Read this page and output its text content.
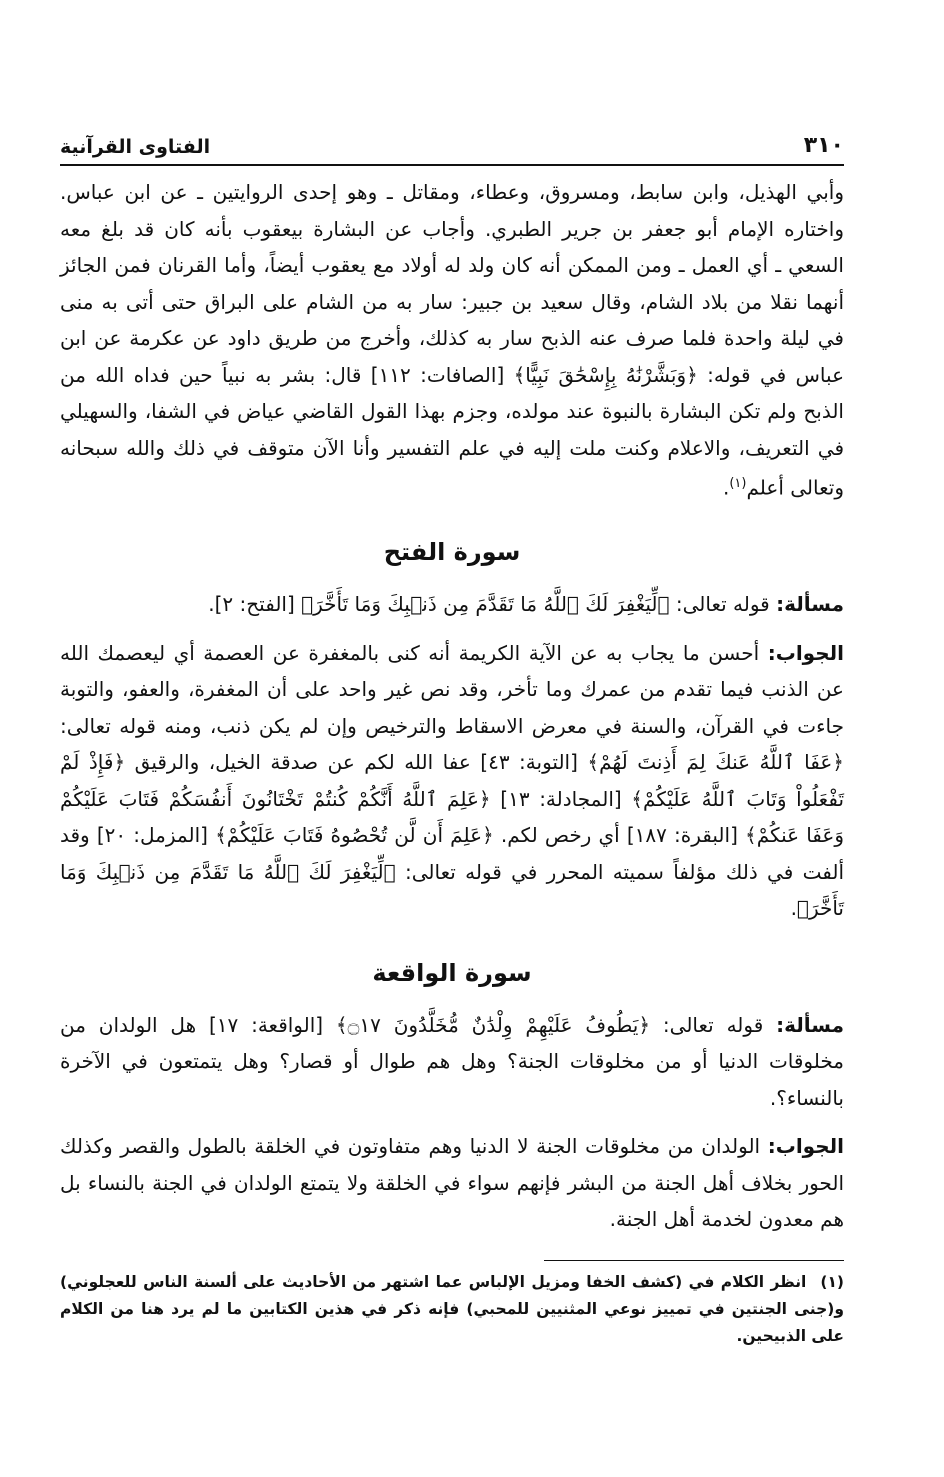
٣١٠
الفتاوى القرآنية

وأبي الهذيل، وابن سابط، ومسروق، وعطاء، ومقاتل ـ وهو إحدى الروايتين ـ عن ابن عباس. واختاره الإمام أبو جعفر بن جرير الطبري. وأجاب عن البشارة بيعقوب بأنه كان قد بلغ معه السعي ـ أي العمل ـ ومن الممكن أنه كان ولد له أولاد مع يعقوب أيضاً، وأما القرنان فمن الجائز أنهما نقلا من بلاد الشام، وقال سعيد بن جبير: سار به من الشام على البراق حتى أتى به منى في ليلة واحدة فلما صرف عنه الذبح سار به كذلك، وأخرج من طريق داود عن عكرمة عن ابن عباس في قوله: ﴿وَبَشَّرْنَٰهُ بِإِسْحَٰقَ نَبِيًّا﴾ [الصافات: ١١٢] قال: بشر به نبياً حين فداه الله من الذبح ولم تكن البشارة بالنبوة عند مولده، وجزم بهذا القول القاضي عياض في الشفا، والسهيلي في التعريف، والاعلام وكنت ملت إليه في علم التفسير وأنا الآن متوقف في ذلك والله سبحانه وتعالى أعلم$^{(١)}$.

سورة الفتح

مسألة: قوله تعالى: ﴿لِّيَغْفِرَ لَكَ ٱللَّهُ مَا تَقَدَّمَ مِن ذَنۢبِكَ وَمَا تَأَخَّرَ﴾ [الفتح: ٢].

الجواب: أحسن ما يجاب به عن الآية الكريمة أنه كنى بالمغفرة عن العصمة أي ليعصمك الله عن الذنب فيما تقدم من عمرك وما تأخر، وقد نص غير واحد على أن المغفرة، والعفو، والتوبة جاءت في القرآن، والسنة في معرض الاسقاط والترخيص وإن لم يكن ذنب، ومنه قوله تعالى: ﴿عَفَا ٱللَّهُ عَنكَ لِمَ أَذِنتَ لَهُمْ﴾ [التوبة: ٤٣] عفا الله لكم عن صدقة الخيل، والرقيق ﴿فَإِذْ لَمْ تَفْعَلُواْ وَتَابَ ٱللَّهُ عَلَيْكُمْ﴾ [المجادلة: ١٣] ﴿عَلِمَ ٱللَّهُ أَنَّكُمْ كُنتُمْ تَخْتَانُونَ أَنفُسَكُمْ فَتَابَ عَلَيْكُمْ وَعَفَا عَنكُمْ﴾ [البقرة: ١٨٧] أي رخص لكم. ﴿عَلِمَ أَن لَّن تُحْصُوهُ فَتَابَ عَلَيْكُمْ﴾ [المزمل: ٢٠] وقد ألفت في ذلك مؤلفاً سميته المحرر في قوله تعالى: ﴿لِّيَغْفِرَ لَكَ ٱللَّهُ مَا تَقَدَّمَ مِن ذَنۢبِكَ وَمَا تَأَخَّرَ﴾.

سورة الواقعة

مسألة: قوله تعالى: ﴿يَطُوفُ عَلَيْهِمْ وِلْدَٰنٌ مُّخَلَّدُونَ ۝١٧﴾ [الواقعة: ١٧] هل الولدان من مخلوقات الدنيا أو من مخلوقات الجنة؟ وهل هم طوال أو قصار؟ وهل يتمتعون في الآخرة بالنساء؟.

الجواب: الولدان من مخلوقات الجنة لا الدنيا وهم متفاوتون في الخلقة بالطول والقصر وكذلك الحور بخلاف أهل الجنة من البشر فإنهم سواء في الخلقة ولا يتمتع الولدان في الجنة بالنساء بل هم معدون لخدمة أهل الجنة.

(١)انظر الكلام في (كشف الخفا ومزيل الإلباس عما اشتهر من الأحاديث على ألسنة الناس للعجلوني) و(جنى الجنتين في تمييز نوعي المثنيين للمحبي) فإنه ذكر في هذين الكتابين ما لم يرد هنا من الكلام على الذبيحين.
